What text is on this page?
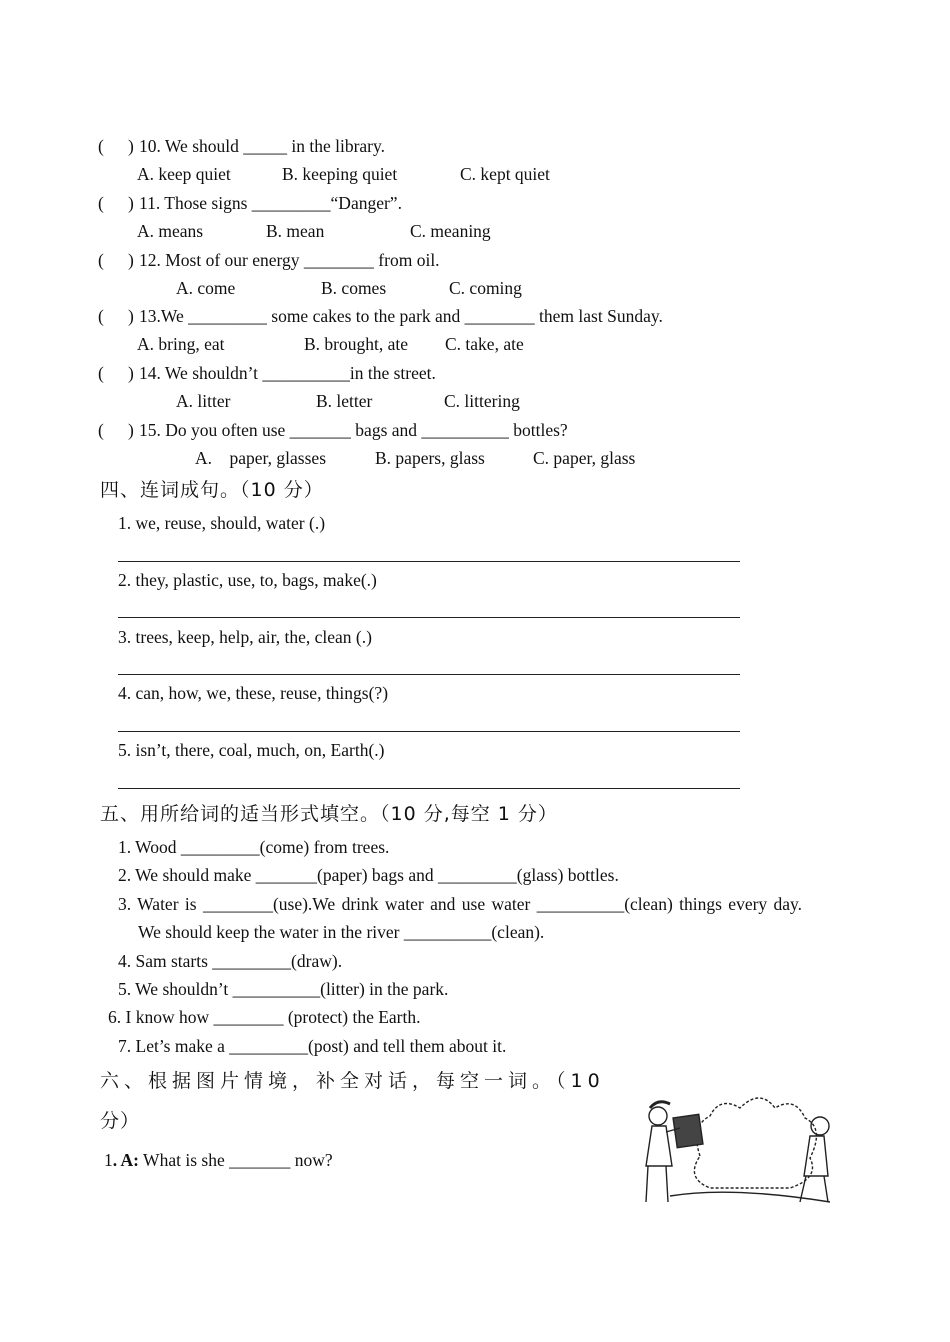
( ) 10. We should _____ in the library.
A. keep quiet	B. keeping quiet	C. kept quiet
( ) 11. Those signs _________“Danger”.
A. means	B. mean	C. meaning
( ) 12. Most of our energy ________ from oil.
A. come	B. comes	C. coming
( ) 13.We _________ some cakes to the park and ________ them last Sunday.
A. bring, eat	B. brought, ate C. take, ate
( ) 14. We shouldn’t __________in the street.
A. litter	B. letter	C. littering
( ) 15. Do you often use _______ bags and __________ bottles?
A.    paper, glasses	B. papers, glass	C. paper, glass
四、连词成句。（10 分）
1. we, reuse, should, water (.)
2. they, plastic, use, to, bags, make(.)
3. trees, keep, help, air, the, clean (.)
4. can, how, we, these, reuse, things(?)
5. isn’t, there, coal, much, on, Earth(.)
五、用所给词的适当形式填空。（10 分,每空 1 分）
1. Wood _________(come) from trees.
2. We should make _______(paper) bags and _________(glass) bottles.
3. Water is ________(use).We drink water and use water __________(clean) things every day.
We should keep the water in the river __________(clean).
4. Sam starts _________(draw).
5. We shouldn’t __________(litter) in the park.
6. I know how ________ (protect) the Earth.
7. Let’s make a _________(post) and tell them about it.
六、根据图片情境，补全对话，每空一词。（10
分）
1. A: What is she _______ now?
